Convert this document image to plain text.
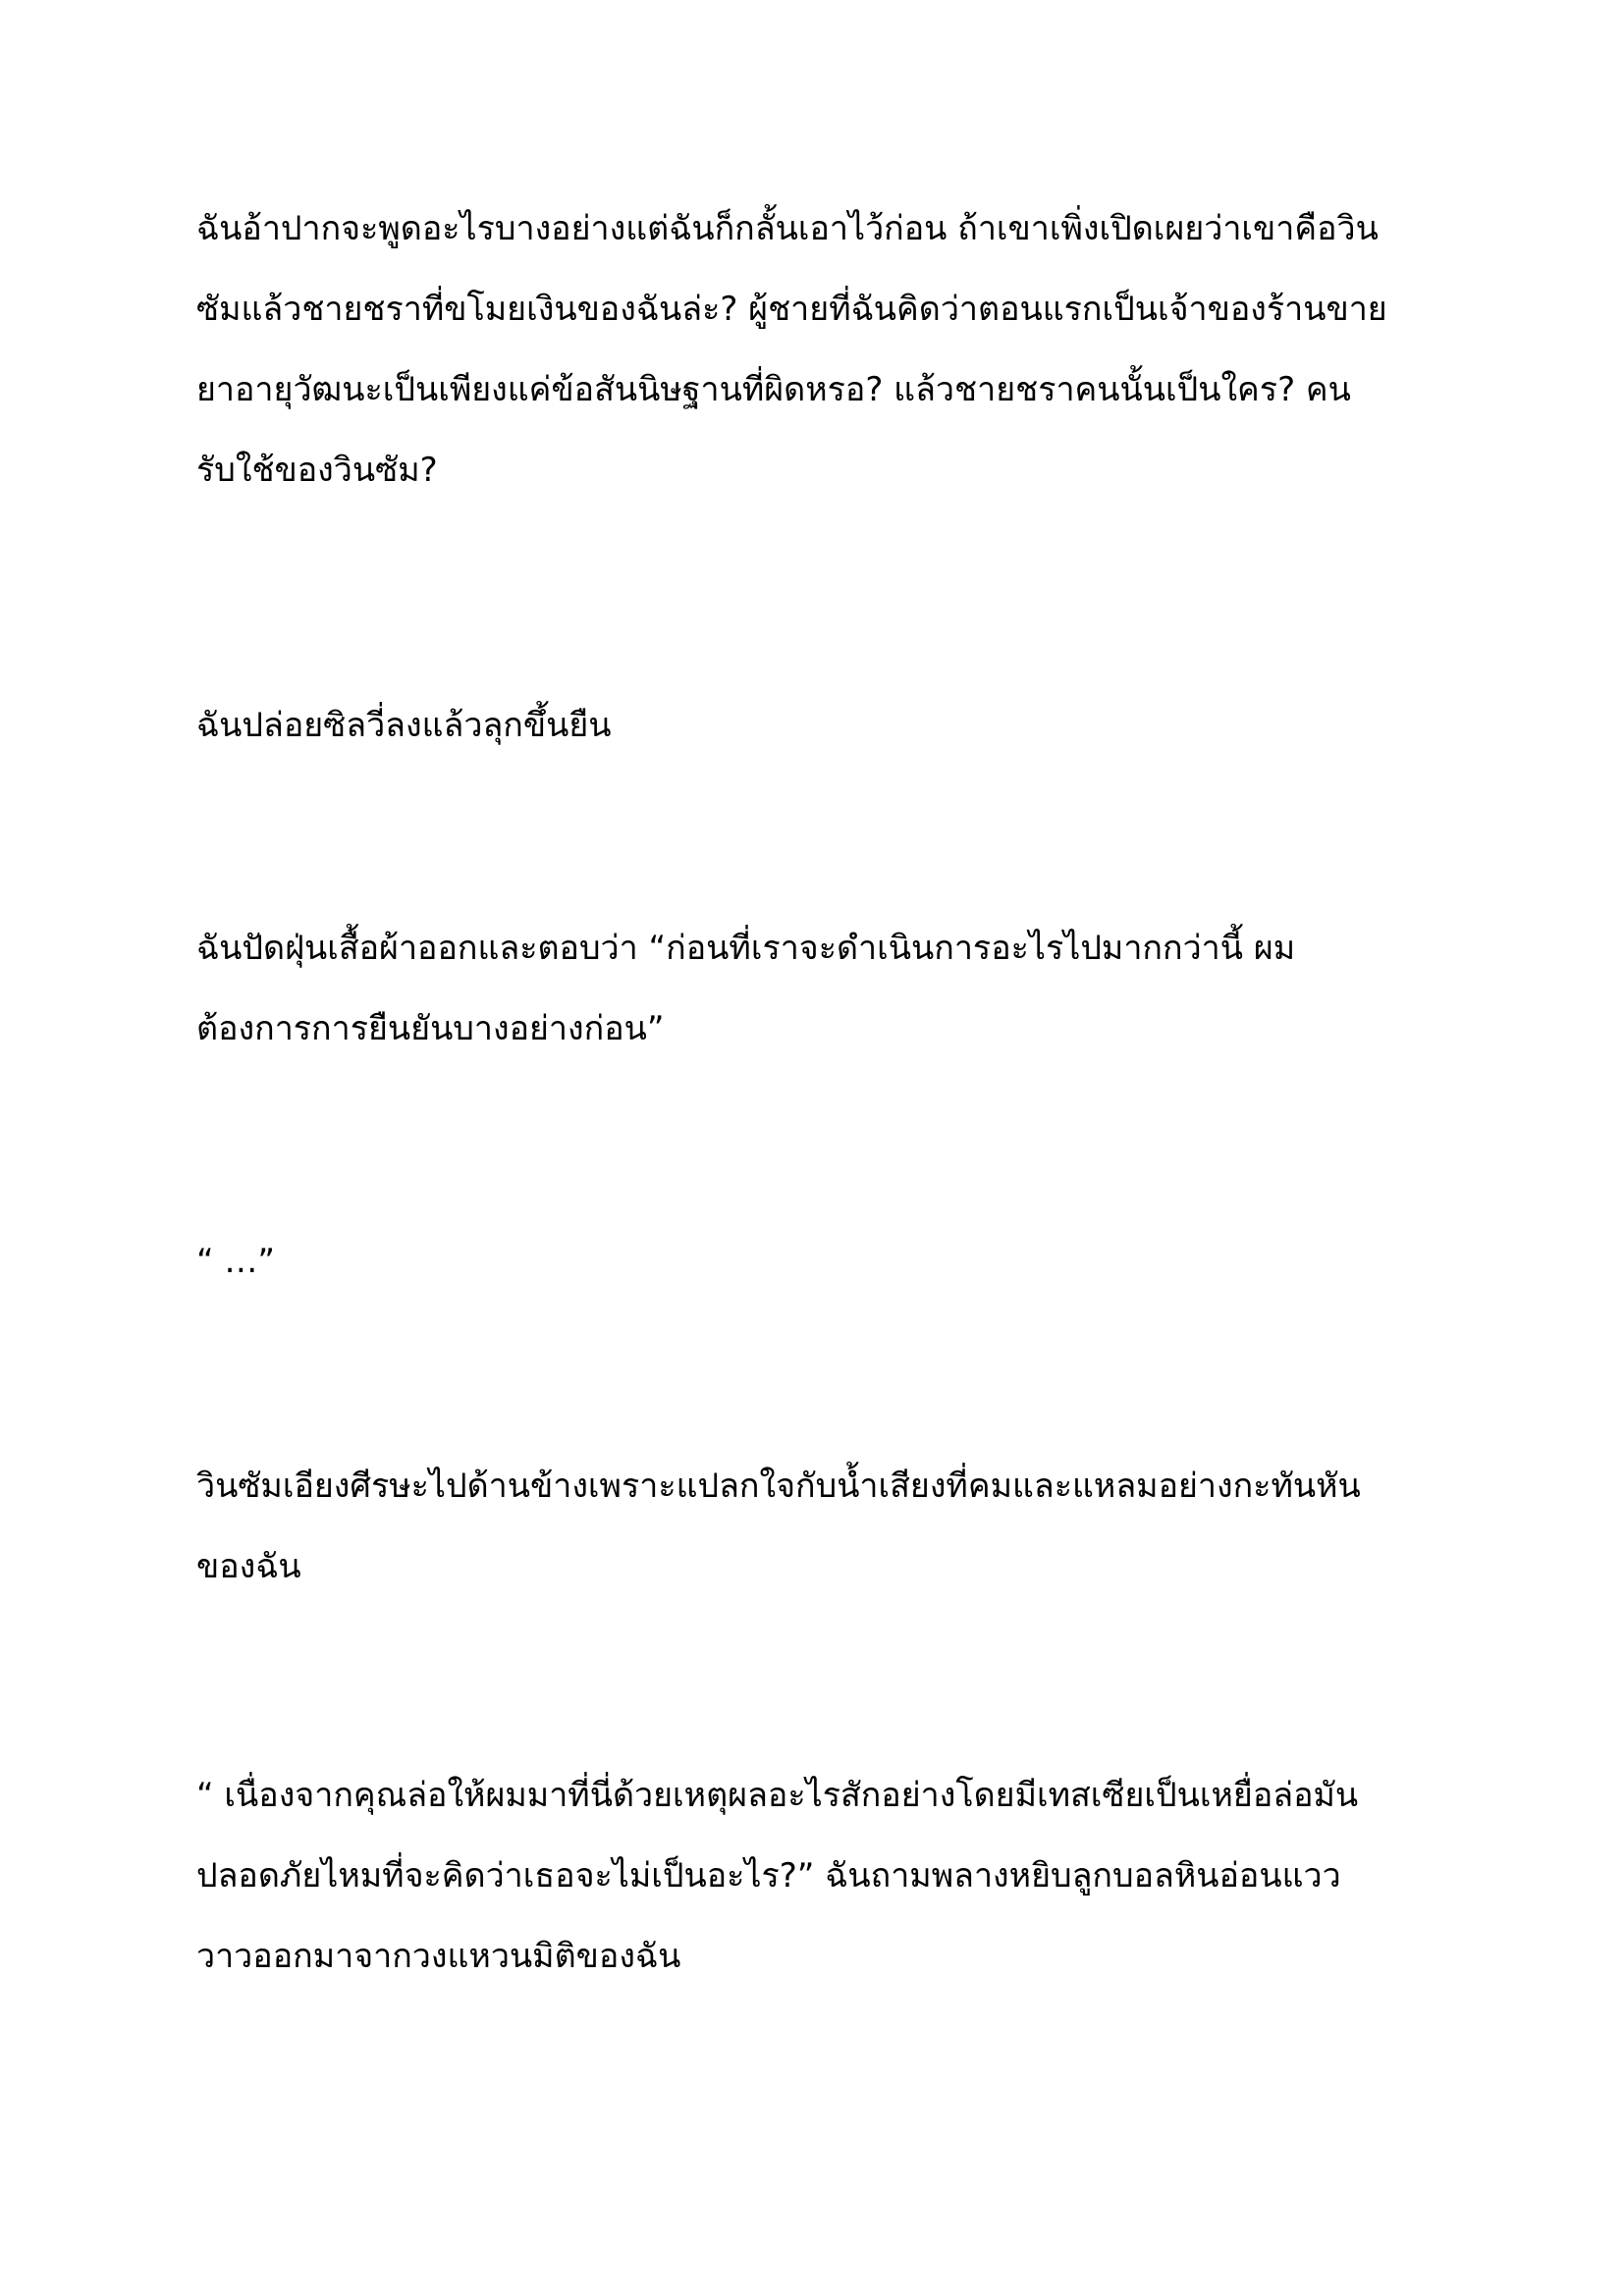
ฉันอ้าปากจะพูดอะไรบางอย่างแต่ฉันก็กลั้นเอาไว้ก่อน ถ้าเขาเพิ่งเปิดเผยว่าเขาคือวิน
ซัมแล้วชายชราที่ขโมยเงินของฉันล่ะ? ผู้ชายที่ฉันคิดว่าตอนแรกเป็นเจ้าของร้านขาย
ยาอายุวัฒนะเป็นเพียงแค่ข้อสันนิษฐานที่ผิดหรอ? แล้วชายชราคนนั้นเป็นใคร? คน
รับใช้ของวินซัม?
ฉันปล่อยซิลวี่ลงแล้วลุกขึ้นยืน
ฉันปัดฝุ่นเสื้อผ้าออกและตอบว่า “ก่อนที่เราจะดำเนินการอะไรไปมากกว่านี้ ผม
ต้องการการยืนยันบางอย่างก่อน”
“ …”
วินซัมเอียงศีรษะไปด้านข้างเพราะแปลกใจกับน้ำเสียงที่คมและแหลมอย่างกะทันหัน
ของฉัน
“ เนื่องจากคุณล่อให้ผมมาที่นี่ด้วยเหตุผลอะไรสักอย่างโดยมีเทสเซียเป็นเหยื่อล่อมัน
ปลอดภัยไหมที่จะคิดว่าเธอจะไม่เป็นอะไร?” ฉันถามพลางหยิบลูกบอลหินอ่อนแวว
วาวออกมาจากวงแหวนมิติของฉัน
